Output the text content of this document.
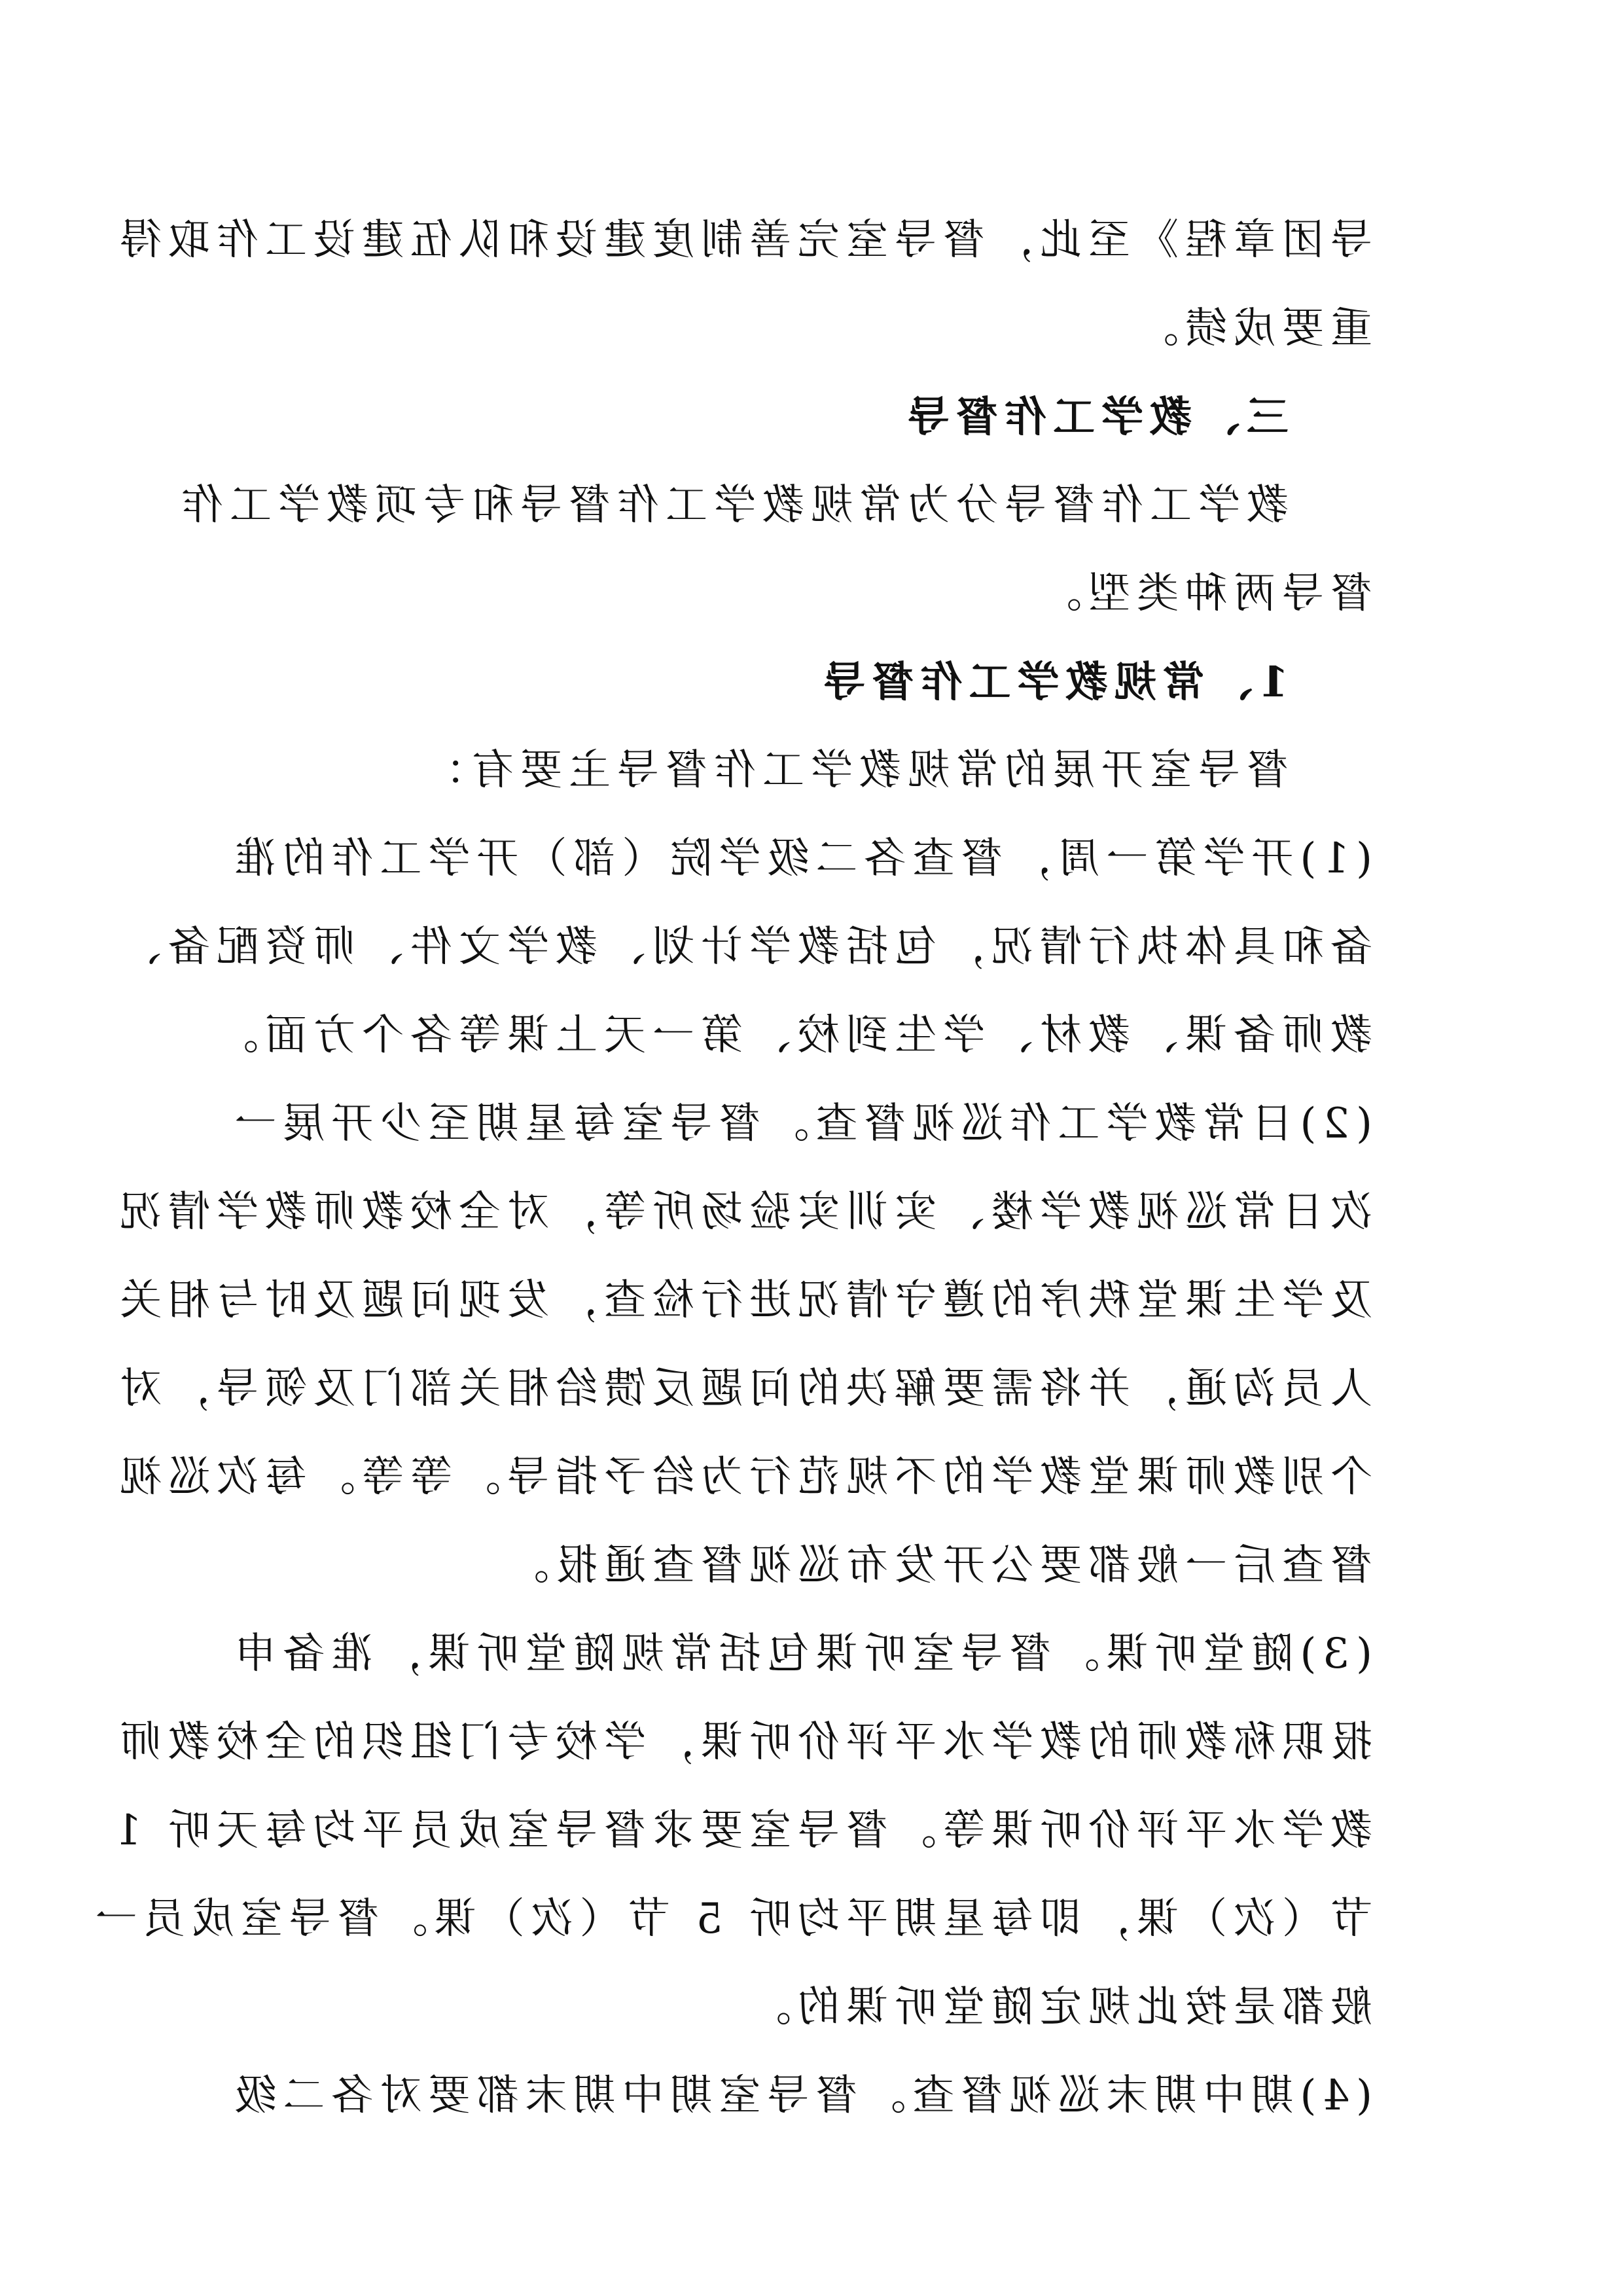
导团章程》至此，督导室完善制度建设和队伍建设工作取得
重要成绩。
三、教学工作督导
教学工作督导分为常规教学工作督导和专项教学工作
督导两种类型。
1、常规教学工作督导
督导室开展的常规教学工作督导主要有：
(1)开学第一周，督查各二级学院（部）开学工作的准
备和具体执行情况，包括教学计划、教学文件、师资配备、
教师备课、教材、学生到校、第一天上课等各个方面。
(2)日常教学工作巡视督查。督导室每星期至少开展一
次日常巡视教学楼、实训实验场所等，对全校教师教学情况
及学生课堂秩序的遵守情况进行检查，发现问题及时与相关
人员沟通，并将需要解决的问题反馈给相关部门及领导，对
个别教师课堂教学的不规范行为给予指导。等等。每次巡视
督查后一般都要公开发布巡视督查通报。
(3)随堂听课。督导室听课包括常规随堂听课，准备申
报职称教师的教学水平评价听课，学校专门组织的全校教师
教学水平评价听课等。督导室要求督导室成员平均每天听 1
节（次）课，即每星期平均听 5 节（次）课。督导室成员一
般都是按此规定随堂听课的。
(4)期中期末巡视督查。督导室期中期末都要对各二级
